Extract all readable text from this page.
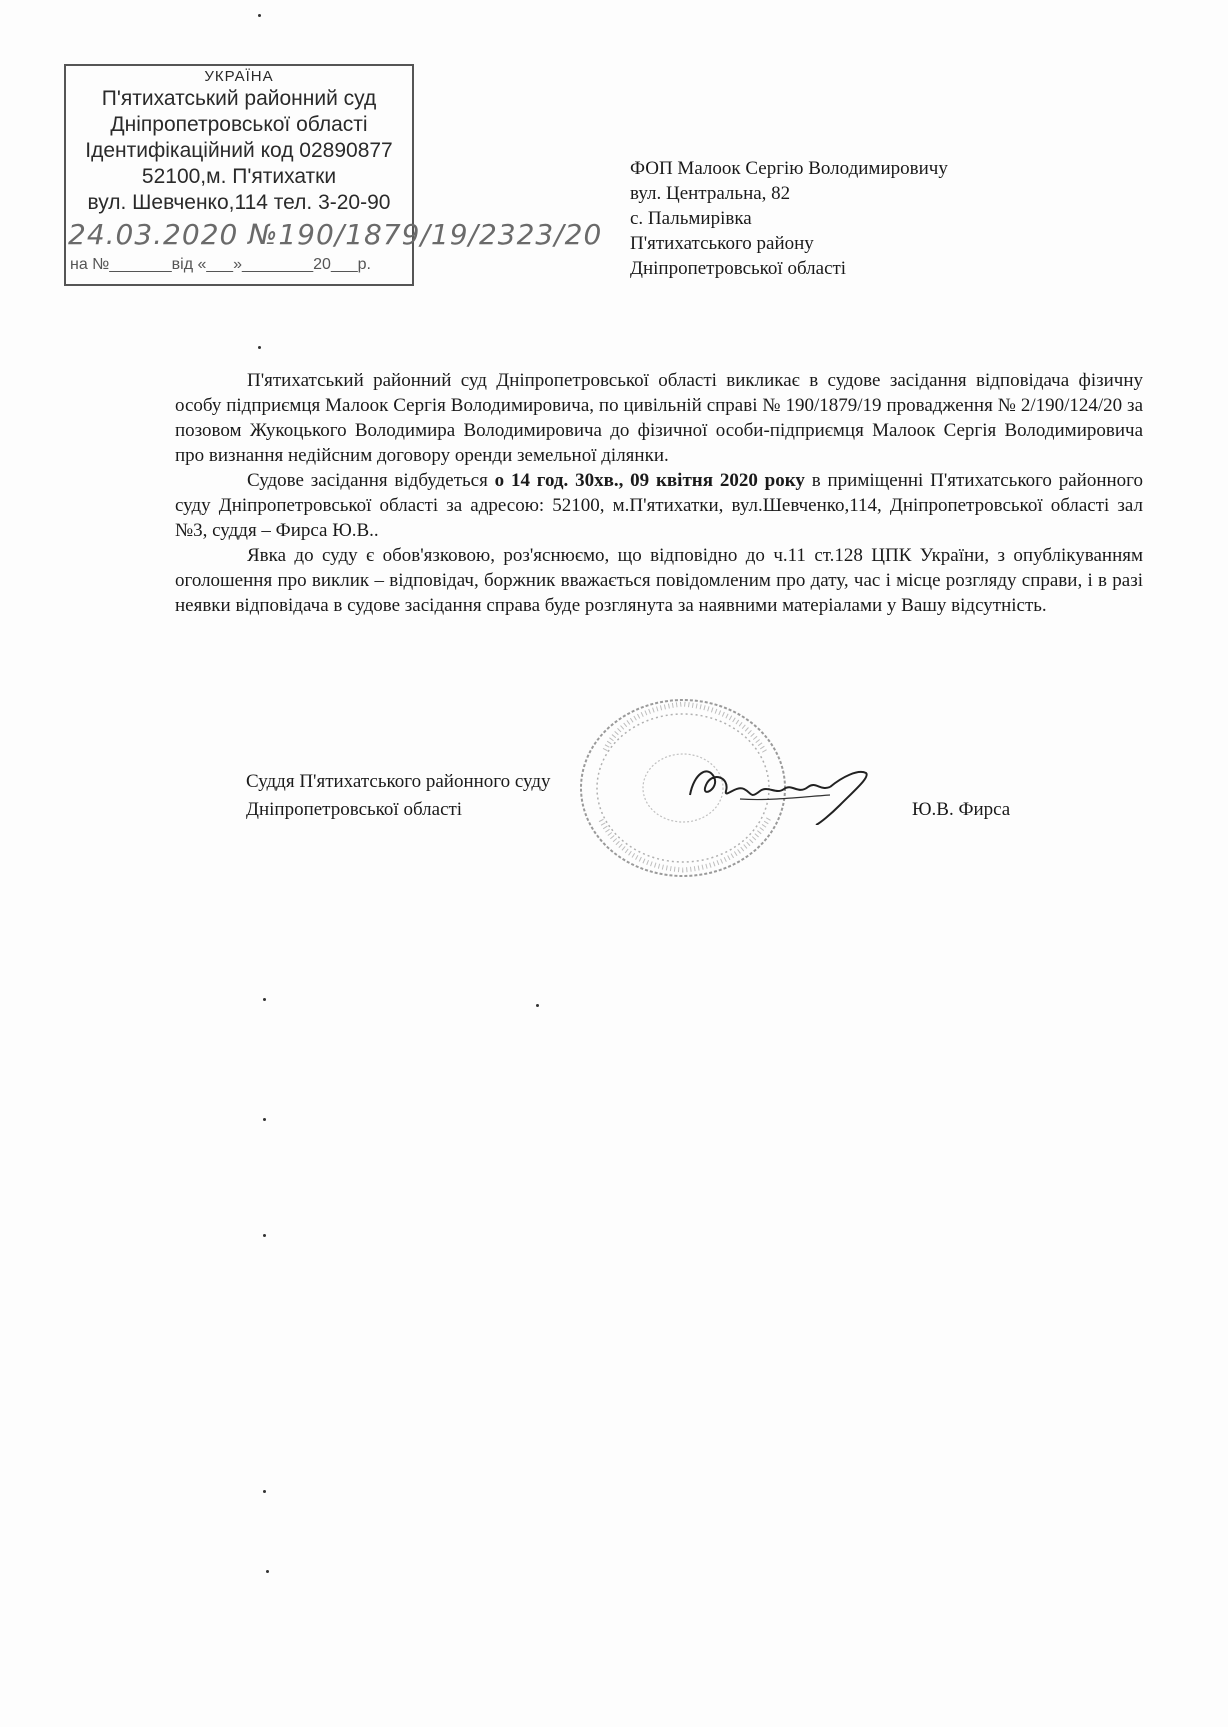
УКРАЇНА
П'ятихатський районний суд
Дніпропетровської області
Ідентифікаційний код 02890877
52100,м. П'ятихатки
вул. Шевченко,114 тел. 3-20-90
24.03.2020 №190/1879/19/2323/20
на №_______від «___»________20___р.
ФОП Малоок Сергію Володимировичу
вул. Центральна, 82
с. Пальмирівка
П'ятихатського району
Дніпропетровської області

П'ятихатський районний суд Дніпропетровської області викликає в судове засідання відповідача фізичну особу підприємця Малоок Сергія Володимировича, по цивільній справі № 190/1879/19 провадження № 2/190/124/20 за позовом Жукоцького Володимира Володимировича до фізичної особи-підприємця Малоок Сергія Володимировича про визнання недійсним договору оренди земельної ділянки.

Судове засідання відбудеться о 14 год. 30хв., 09 квітня 2020 року в приміщенні П'ятихатського районного суду Дніпропетровської області за адресою: 52100, м.П'ятихатки, вул.Шевченко,114, Дніпропетровської області зал №3, суддя – Фирса Ю.В..

Явка до суду є обов'язковою, роз'яснюємо, що відповідно до ч.11 ст.128 ЦПК України, з опублікуванням оголошення про виклик – відповідач, боржник вважається повідомленим про дату, час і місце розгляду справи, і в разі неявки відповідача в судове засідання справа буде розглянута за наявними матеріалами у Вашу відсутність.

Суддя П'ятихатського районного суду
Дніпропетровської області	Ю.В. Фирса
